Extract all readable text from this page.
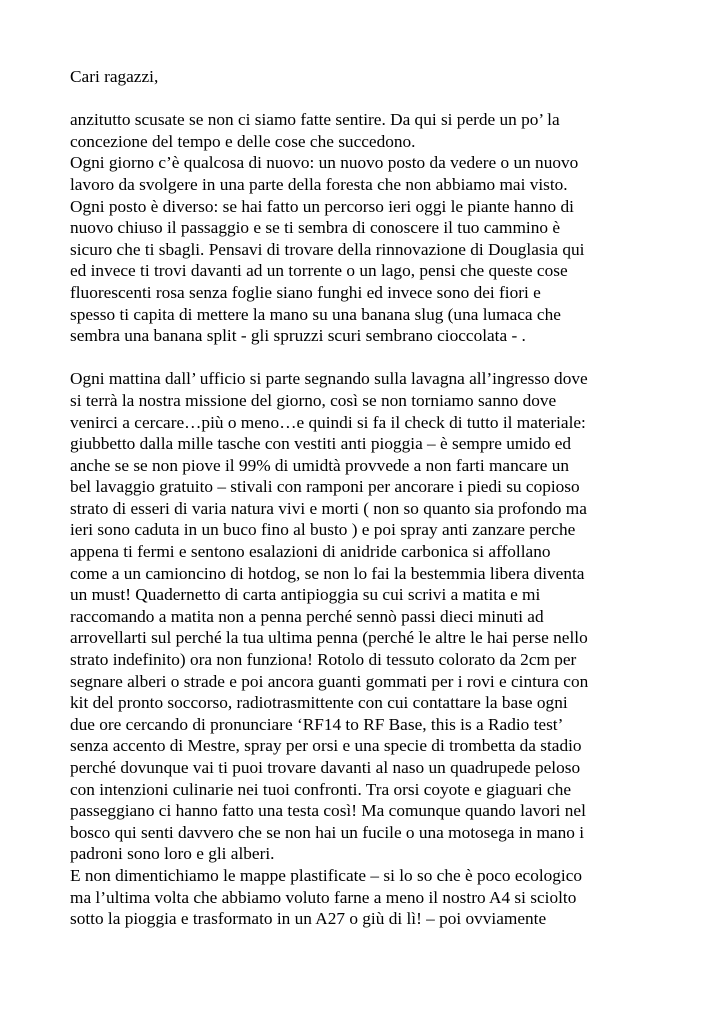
Cari ragazzi,
anzitutto scusate se non ci siamo fatte sentire. Da qui si perde un po’ la
concezione del tempo e delle cose che succedono.
Ogni giorno c’è qualcosa di nuovo: un nuovo posto da vedere o un nuovo
lavoro da svolgere in una parte della foresta che non abbiamo mai visto.
Ogni posto è diverso: se hai fatto un percorso ieri oggi le piante hanno di
nuovo chiuso il passaggio e se ti sembra di conoscere il tuo cammino è
sicuro che ti sbagli. Pensavi di trovare della rinnovazione di Douglasia qui
ed invece ti trovi davanti ad un torrente o un lago, pensi che queste cose
fluorescenti rosa senza foglie siano funghi ed invece sono dei fiori e
spesso ti capita di mettere la mano su una banana slug (una lumaca che
sembra una banana split - gli spruzzi scuri sembrano cioccolata - .
Ogni mattina dall’ ufficio si parte segnando sulla lavagna all’ingresso dove
si terrà la nostra missione del giorno, così se non torniamo sanno dove
venirci a cercare…più o meno…e quindi si fa il check di tutto il materiale:
giubbetto dalla mille tasche con vestiti anti pioggia – è sempre umido ed
anche se se non piove il 99% di umidtà provvede a non farti mancare un
bel lavaggio gratuito – stivali con ramponi per ancorare i piedi su copioso
strato di esseri di varia natura vivi e morti ( non so quanto sia profondo ma
ieri sono caduta in un buco fino al busto ) e poi spray anti zanzare perche
appena ti fermi e sentono esalazioni di anidride carbonica si affollano
come a un camioncino di hotdog, se non lo fai la bestemmia libera diventa
un must! Quadernetto di carta antipioggia su cui scrivi a matita e mi
raccomando a matita non a penna perché sennò passi dieci minuti ad
arrovellarti sul perché la tua ultima penna (perché le altre le hai perse nello
strato indefinito) ora non funziona! Rotolo di tessuto colorato da 2cm per
segnare alberi o strade e poi ancora guanti gommati per i rovi e cintura con
kit del pronto soccorso, radiotrasmittente con cui contattare la base ogni
due ore cercando di pronunciare ‘RF14 to RF Base, this is a Radio test’
senza accento di Mestre, spray per orsi e una specie di trombetta da stadio
perché dovunque vai ti puoi trovare davanti al naso un quadrupede peloso
con intenzioni culinarie nei tuoi confronti. Tra orsi coyote e giaguari che
passeggiano ci hanno fatto una testa così! Ma comunque quando lavori nel
bosco qui senti davvero che se non hai un fucile o una motosega in mano i
padroni sono loro e gli alberi.
E non dimentichiamo le mappe plastificate – si lo so che è poco ecologico
ma l’ultima volta che abbiamo voluto farne a meno il nostro A4 si sciolto
sotto la pioggia e trasformato in un A27 o giù di lì! – poi ovviamente
